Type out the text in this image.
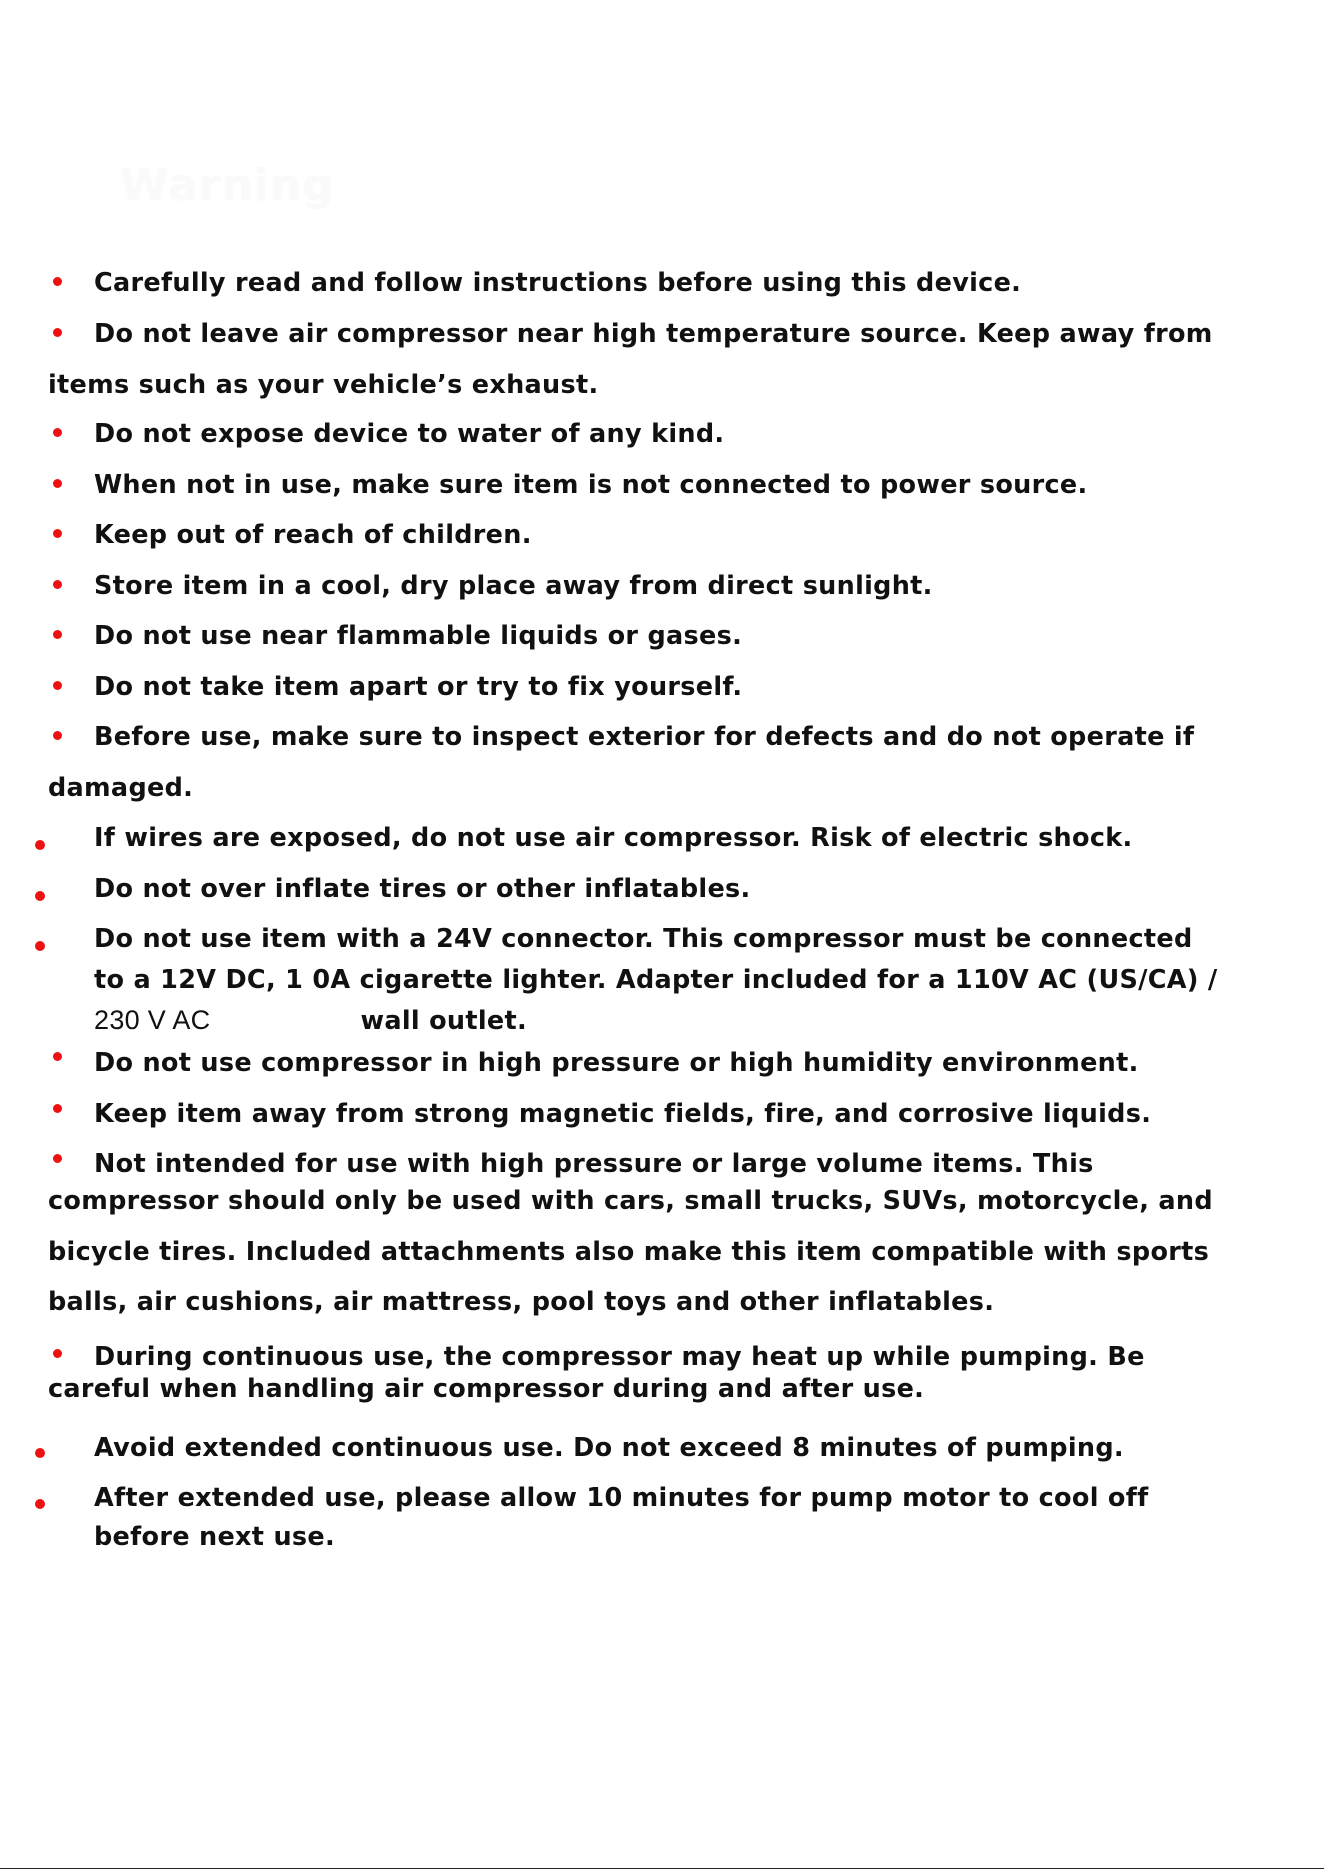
Warning
Carefully read and follow instructions before using this device.
Do not leave air compressor near high temperature source. Keep away from
items such as your vehicle’s exhaust.
Do not expose device to water of any kind.
When not in use, make sure item is not connected to power source.
Keep out of reach of children.
Store item in a cool, dry place away from direct sunlight.
Do not use near flammable liquids or gases.
Do not take item apart or try to fix yourself.
Before use, make sure to inspect exterior for defects and do not operate if
damaged.
If wires are exposed, do not use air compressor. Risk of electric shock.
Do not over inflate tires or other inflatables.
Do not use item with a 24V connector. This compressor must be connected
to a 12V DC, 1 0A cigarette lighter. Adapter included for a 110V AC (US/CA) /
230 V AC	wall outlet.
Do not use compressor in high pressure or high humidity environment.
Keep item away from strong magnetic fields, fire, and corrosive liquids.
Not intended for use with high pressure or large volume items. This
compressor should only be used with cars, small trucks, SUVs, motorcycle, and
bicycle tires. Included attachments also make this item compatible with sports
balls, air cushions, air mattress, pool toys and other inflatables.
During continuous use, the compressor may heat up while pumping. Be
careful when handling air compressor during and after use.
Avoid extended continuous use. Do not exceed 8 minutes of pumping.
After extended use, please allow 10 minutes for pump motor to cool off
before next use.
